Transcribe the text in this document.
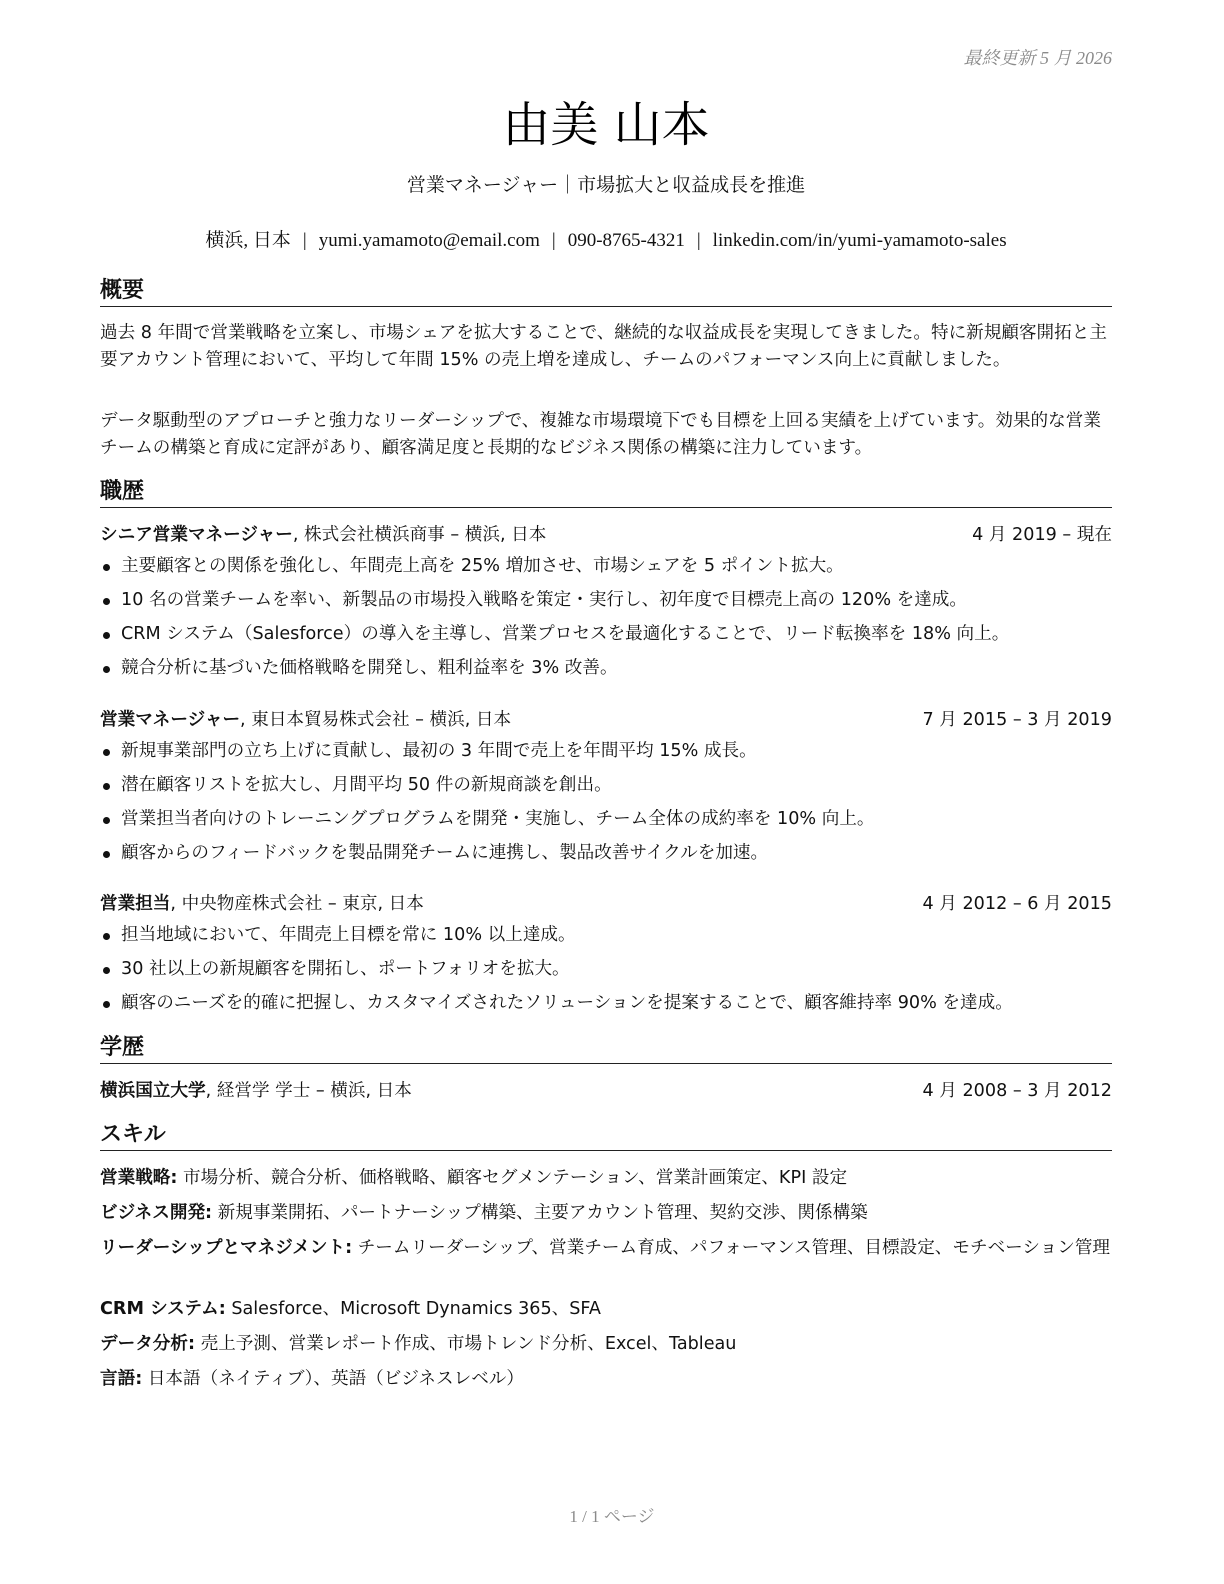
最終更新 5 月 2026
由美 山本
営業マネージャー｜市場拡大と収益成長を推進
横浜, 日本 | yumi.yamamoto@email.com | 090-8765-4321 | linkedin.com/in/yumi-yamamoto-sales
概要

過去 8 年間で営業戦略を立案し、市場シェアを拡大することで、継続的な収益成長を実現してきました。特に新規顧客開拓と主要アカウント管理において、平均して年間 15% の売上増を達成し、チームのパフォーマンス向上に貢献しました。

データ駆動型のアプローチと強力なリーダーシップで、複雑な市場環境下でも目標を上回る実績を上げています。効果的な営業チームの構築と育成に定評があり、顧客満足度と長期的なビジネス関係の構築に注力しています。

職歴
シニア営業マネージャー, 株式会社横浜商事 – 横浜, 日本	4 月 2019 – 現在
主要顧客との関係を強化し、年間売上高を 25% 増加させ、市場シェアを 5 ポイント拡大。
10 名の営業チームを率い、新製品の市場投入戦略を策定・実行し、初年度で目標売上高の 120% を達成。
CRM システム（Salesforce）の導入を主導し、営業プロセスを最適化することで、リード転換率を 18% 向上。
競合分析に基づいた価格戦略を開発し、粗利益率を 3% 改善。
営業マネージャー, 東日本貿易株式会社 – 横浜, 日本	7 月 2015 – 3 月 2019
新規事業部門の立ち上げに貢献し、最初の 3 年間で売上を年間平均 15% 成長。
潜在顧客リストを拡大し、月間平均 50 件の新規商談を創出。
営業担当者向けのトレーニングプログラムを開発・実施し、チーム全体の成約率を 10% 向上。
顧客からのフィードバックを製品開発チームに連携し、製品改善サイクルを加速。
営業担当, 中央物産株式会社 – 東京, 日本	4 月 2012 – 6 月 2015
担当地域において、年間売上目標を常に 10% 以上達成。
30 社以上の新規顧客を開拓し、ポートフォリオを拡大。
顧客のニーズを的確に把握し、カスタマイズされたソリューションを提案することで、顧客維持率 90% を達成。
学歴
横浜国立大学, 経営学 学士 – 横浜, 日本	4 月 2008 – 3 月 2012
スキル
営業戦略: 市場分析、競合分析、価格戦略、顧客セグメンテーション、営業計画策定、KPI 設定
ビジネス開発: 新規事業開拓、パートナーシップ構築、主要アカウント管理、契約交渉、関係構築
リーダーシップとマネジメント: チームリーダーシップ、営業チーム育成、パフォーマンス管理、目標設定、モチベーション管理
CRM システム: Salesforce、Microsoft Dynamics 365、SFA
データ分析: 売上予測、営業レポート作成、市場トレンド分析、Excel、Tableau
言語: 日本語（ネイティブ）、英語（ビジネスレベル）
1 / 1 ページ
